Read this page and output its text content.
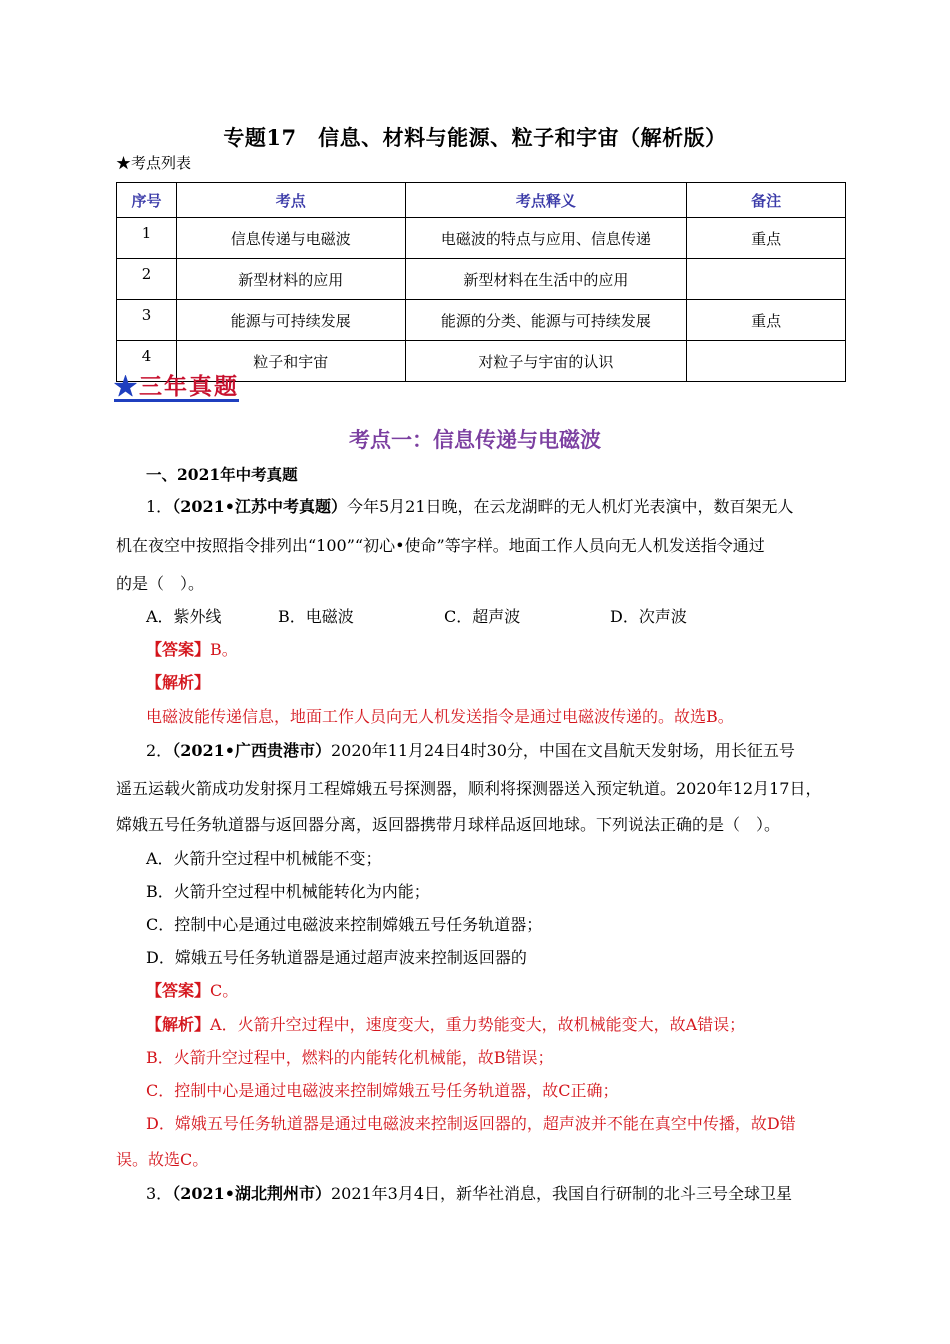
专题17　信息、材料与能源、粒子和宇宙（解析版）
★考点列表
序号	考点	考点释义	备注
1	信息传递与电磁波	电磁波的特点与应用、信息传递	重点
2	新型材料的应用	新型材料在生活中的应用	
3	能源与可持续发展	能源的分类、能源与可持续发展	重点
4	粒子和宇宙	对粒子与宇宙的认识	
★三年真题
考点一：信息传递与电磁波
一、2021年中考真题
1．（2021•江苏中考真题）今年5月21日晚，在云龙湖畔的无人机灯光表演中，数百架无人
机在夜空中按照指令排列出“100”“初心•使命”等字样。地面工作人员向无人机发送指令通过
的是（　）。
A．紫外线	B．电磁波	C．超声波	D．次声波
【答案】B。
【解析】
电磁波能传递信息，地面工作人员向无人机发送指令是通过电磁波传递的。故选B。
2．（2021•广西贵港市）2020年11月24日4时30分，中国在文昌航天发射场，用长征五号
遥五运载火箭成功发射探月工程嫦娥五号探测器，顺利将探测器送入预定轨道。2020年12月17日，
嫦娥五号任务轨道器与返回器分离，返回器携带月球样品返回地球。下列说法正确的是（　）。
A．火箭升空过程中机械能不变；
B．火箭升空过程中机械能转化为内能；
C．控制中心是通过电磁波来控制嫦娥五号任务轨道器；
D．嫦娥五号任务轨道器是通过超声波来控制返回器的
【答案】C。
【解析】A．火箭升空过程中，速度变大，重力势能变大，故机械能变大，故A错误；
B．火箭升空过程中，燃料的内能转化机械能，故B错误；
C．控制中心是通过电磁波来控制嫦娥五号任务轨道器，故C正确；
D．嫦娥五号任务轨道器是通过电磁波来控制返回器的，超声波并不能在真空中传播，故D错
误。故选C。
3．（2021•湖北荆州市）2021年3月4日，新华社消息，我国自行研制的北斗三号全球卫星
